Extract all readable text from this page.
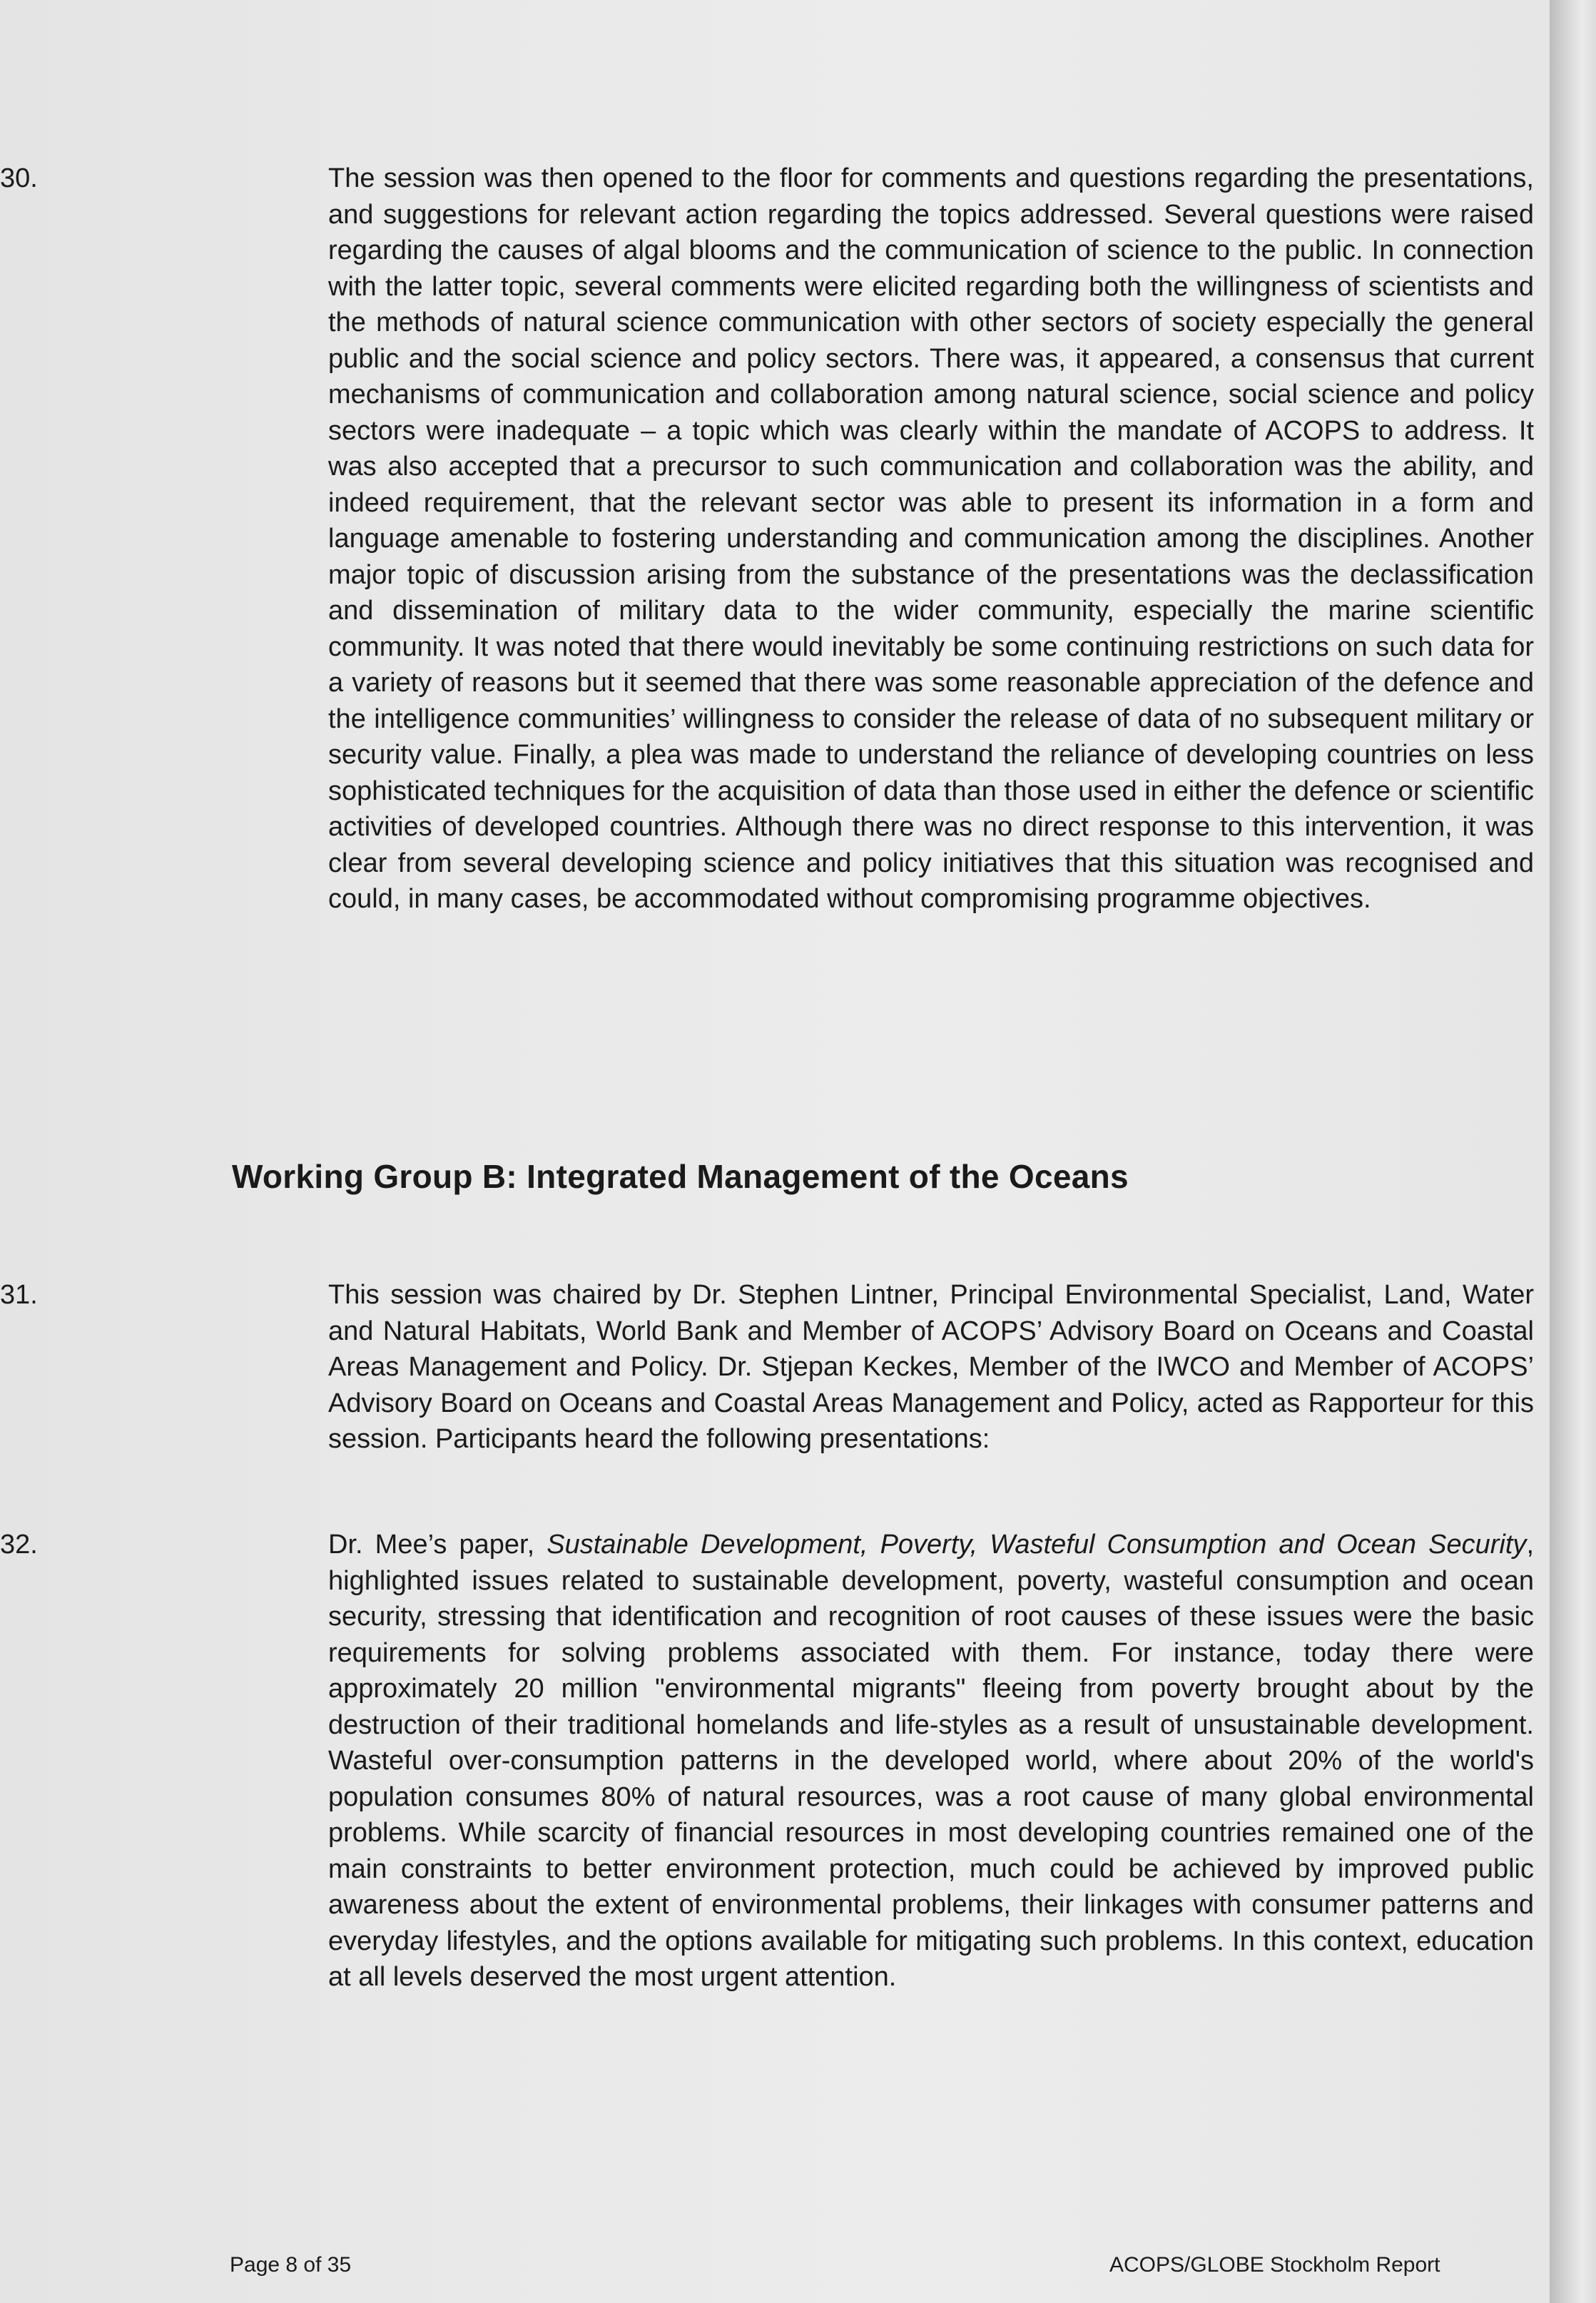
30.	The session was then opened to the floor for comments and questions regarding the presentations, and suggestions for relevant action regarding the topics addressed. Several questions were raised regarding the causes of algal blooms and the communication of science to the public. In connection with the latter topic, several comments were elicited regarding both the willingness of scientists and the methods of natural science communication with other sectors of society especially the general public and the social science and policy sectors. There was, it appeared, a consensus that current mechanisms of communication and collaboration among natural science, social science and policy sectors were inadequate – a topic which was clearly within the mandate of ACOPS to address. It was also accepted that a precursor to such communication and collaboration was the ability, and indeed requirement, that the relevant sector was able to present its information in a form and language amenable to fostering understanding and communication among the disciplines. Another major topic of discussion arising from the substance of the presentations was the declassification and dissemination of military data to the wider community, especially the marine scientific community. It was noted that there would inevitably be some continuing restrictions on such data for a variety of reasons but it seemed that there was some reasonable appreciation of the defence and the intelligence communities’ willingness to consider the release of data of no subsequent military or security value. Finally, a plea was made to understand the reliance of developing countries on less sophisticated techniques for the acquisition of data than those used in either the defence or scientific activities of developed countries. Although there was no direct response to this intervention, it was clear from several developing science and policy initiatives that this situation was recognised and could, in many cases, be accommodated without compromising programme objectives.
Working Group B: Integrated Management of the Oceans
31.	This session was chaired by Dr. Stephen Lintner, Principal Environmental Specialist, Land, Water and Natural Habitats, World Bank and Member of ACOPS’ Advisory Board on Oceans and Coastal Areas Management and Policy. Dr. Stjepan Keckes, Member of the IWCO and Member of ACOPS’ Advisory Board on Oceans and Coastal Areas Management and Policy, acted as Rapporteur for this session. Participants heard the following presentations:
32.	Dr. Mee’s paper, Sustainable Development, Poverty, Wasteful Consumption and Ocean Security, highlighted issues related to sustainable development, poverty, wasteful consumption and ocean security, stressing that identification and recognition of root causes of these issues were the basic requirements for solving problems associated with them. For instance, today there were approximately 20 million "environmental migrants" fleeing from poverty brought about by the destruction of their traditional homelands and life-styles as a result of unsustainable development. Wasteful over-consumption patterns in the developed world, where about 20% of the world's population consumes 80% of natural resources, was a root cause of many global environmental problems. While scarcity of financial resources in most developing countries remained one of the main constraints to better environment protection, much could be achieved by improved public awareness about the extent of environmental problems, their linkages with consumer patterns and everyday lifestyles, and the options available for mitigating such problems. In this context, education at all levels deserved the most urgent attention.
Page 8 of 35	ACOPS/GLOBE Stockholm Report
